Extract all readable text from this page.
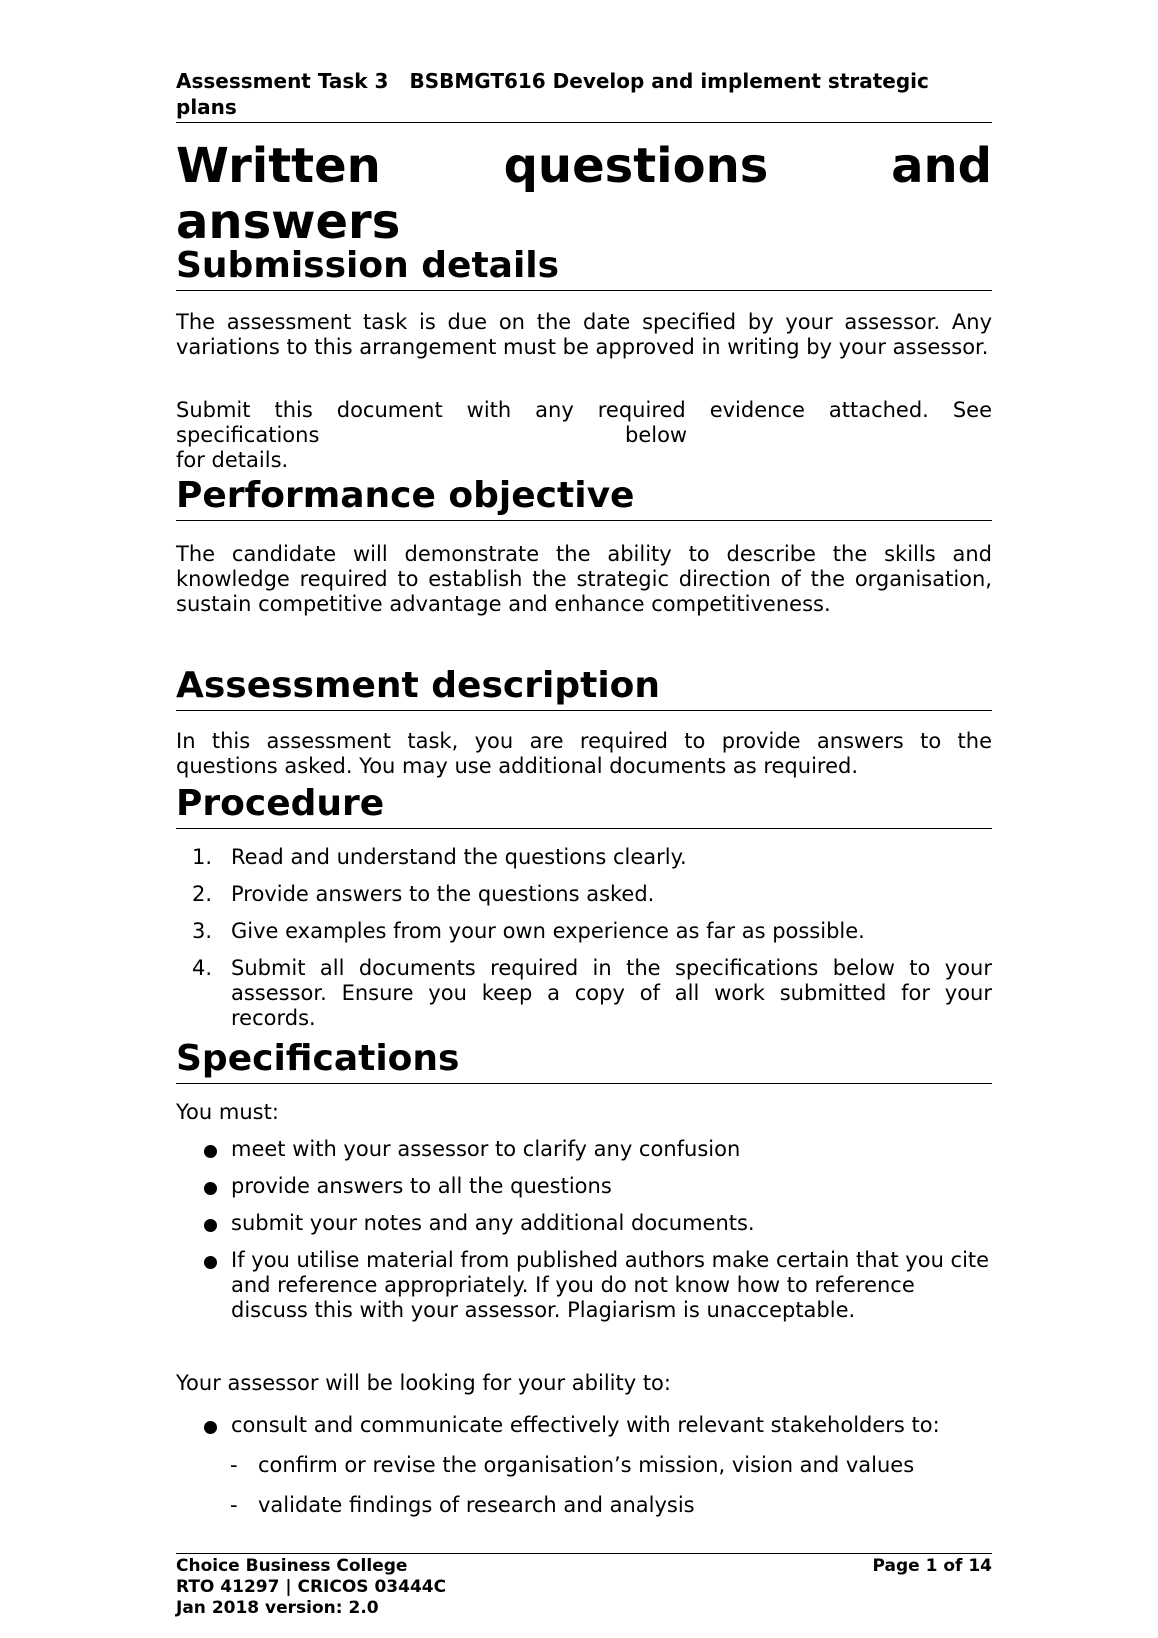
Assessment Task 3 BSBMGT616 Develop and implement strategic plans
Written questions and answers
Submission details

The assessment task is due on the date specified by your assessor. Any variations to this arrangement must be approved in writing by your assessor.

Submit this document with any required evidence attached. See
specifications	below
for details.
Performance objective

The candidate will demonstrate the ability to describe the skills and knowledge required to establish the strategic direction of the organisation, sustain competitive advantage and enhance competitiveness.

Assessment description

In this assessment task, you are required to provide answers to the questions asked. You may use additional documents as required.

Procedure
1. Read and understand the questions clearly.
2. Provide answers to the questions asked.
3. Give examples from your own experience as far as possible.
4. Submit all documents required in the specifications below to your assessor. Ensure you keep a copy of all work submitted for your records.
Specifications

You must:

meet with your assessor to clarify any confusion
provide answers to all the questions
submit your notes and any additional documents.
If you utilise material from published authors make certain that you cite and reference appropriately. If you do not know how to reference discuss this with your assessor. Plagiarism is unacceptable.

Your assessor will be looking for your ability to:

consult and communicate effectively with relevant stakeholders to:
- confirm or revise the organisation’s mission, vision and values
- validate findings of research and analysis
Choice Business College
RTO 41297 | CRICOS 03444C
Jan 2018 version: 2.0
Page 1 of 14
